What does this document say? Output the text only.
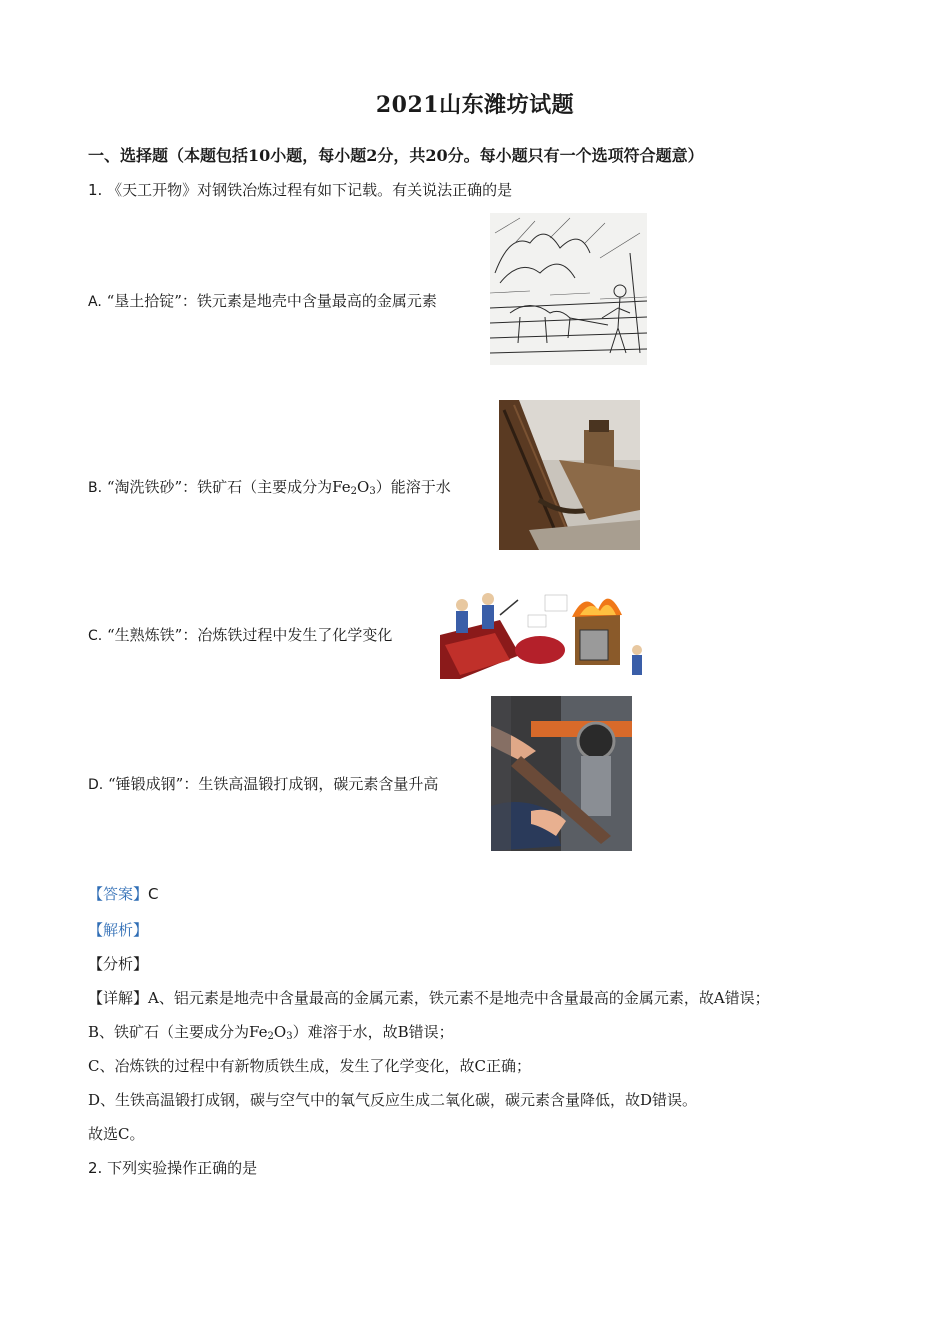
2021山东潍坊试题
一、选择题（本题包括10小题，每小题2分，共20分。每小题只有一个选项符合题意）
1. 《天工开物》对钢铁冶炼过程有如下记载。有关说法正确的是
A. “垦土拾锭”：铁元素是地壳中含量最高的金属元素
B. “淘洗铁砂”：铁矿石（主要成分为$Fe_2O_3$）能溶于水
C. “生熟炼铁”：冶炼铁过程中发生了化学变化
D. “锤锻成钢”：生铁高温锻打成钢，碳元素含量升高
【答案】C
【解析】
【分析】
【详解】A、铝元素是地壳中含量最高的金属元素，铁元素不是地壳中含量最高的金属元素，故A错误；
B、铁矿石（主要成分为$Fe_2O_3$）难溶于水，故B错误；
C、冶炼铁的过程中有新物质铁生成，发生了化学变化，故C正确；
D、生铁高温锻打成钢，碳与空气中的氧气反应生成二氧化碳，碳元素含量降低，故D错误。
故选C。
2. 下列实验操作正确的是
